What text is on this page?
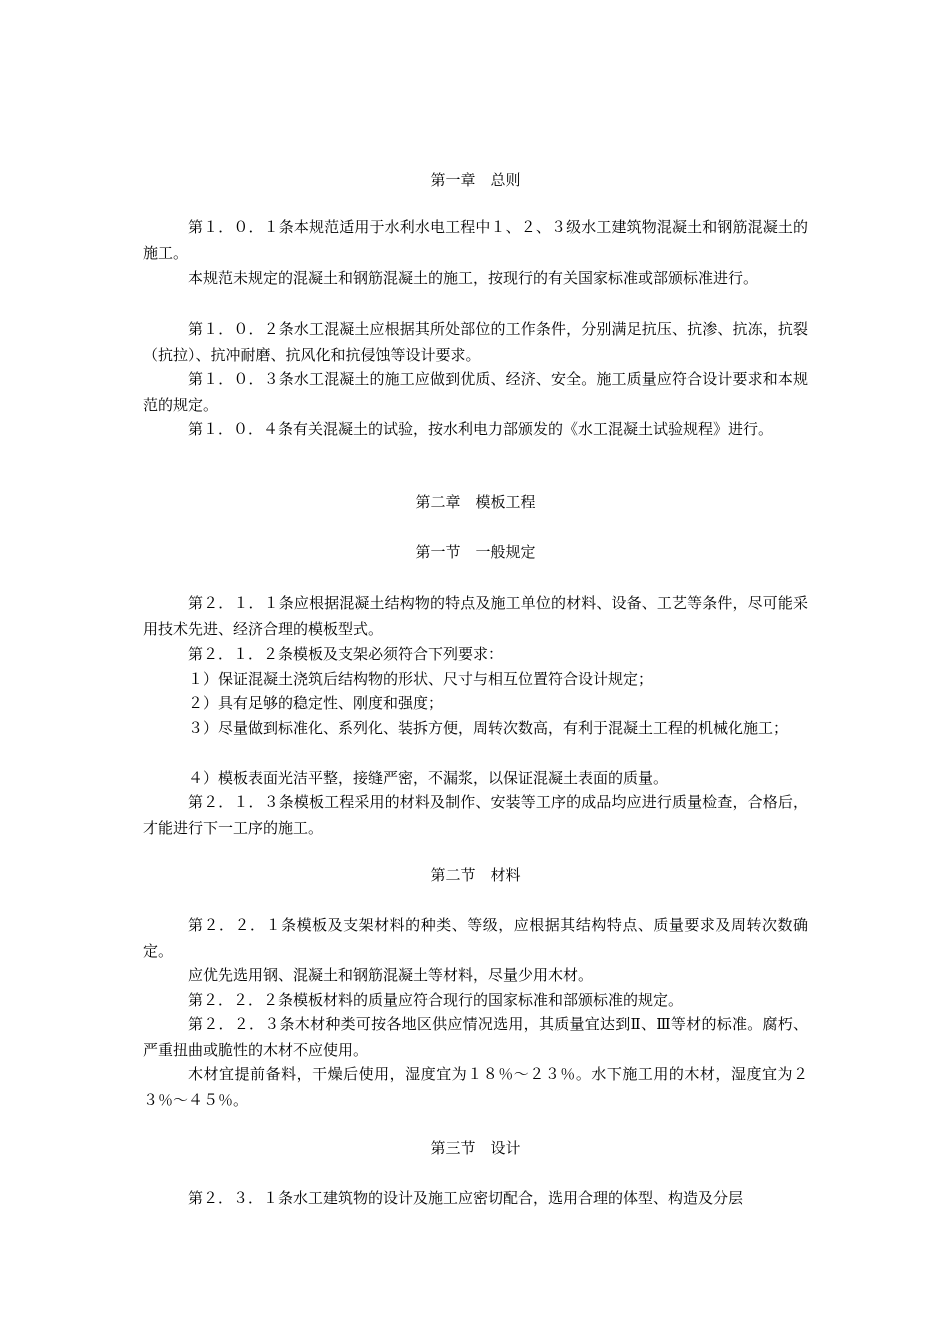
第一章　总则

第１．０．１条本规范适用于水利水电工程中１、２、３级水工建筑物混凝土和钢筋混凝土的施工。

本规范未规定的混凝土和钢筋混凝土的施工，按现行的有关国家标准或部颁标准进行。

第１．０．２条水工混凝土应根据其所处部位的工作条件，分别满足抗压、抗渗、抗冻，抗裂（抗拉）、抗冲耐磨、抗风化和抗侵蚀等设计要求。

第１．０．３条水工混凝土的施工应做到优质、经济、安全。施工质量应符合设计要求和本规范的规定。

第１．０．４条有关混凝土的试验，按水利电力部颁发的《水工混凝土试验规程》进行。

第二章　模板工程
第一节　一般规定

第２．１．１条应根据混凝土结构物的特点及施工单位的材料、设备、工艺等条件，尽可能采用技术先进、经济合理的模板型式。

第２．１．２条模板及支架必须符合下列要求：

１）保证混凝土浇筑后结构物的形状、尺寸与相互位置符合设计规定；

２）具有足够的稳定性、刚度和强度；

３）尽量做到标准化、系列化、装拆方便，周转次数高，有利于混凝土工程的机械化施工；

４）模板表面光洁平整，接缝严密，不漏浆，以保证混凝土表面的质量。

第２．１．３条模板工程采用的材料及制作、安装等工序的成品均应进行质量检查，合格后，才能进行下一工序的施工。

第二节　材料

第２．２．１条模板及支架材料的种类、等级，应根据其结构特点、质量要求及周转次数确定。

应优先选用钢、混凝土和钢筋混凝土等材料，尽量少用木材。

第２．２．２条模板材料的质量应符合现行的国家标准和部颁标准的规定。

第２．２．３条木材种类可按各地区供应情况选用，其质量宜达到Ⅱ、Ⅲ等材的标准。腐朽、严重扭曲或脆性的木材不应使用。

木材宜提前备料，干燥后使用，湿度宜为１８％～２３％。水下施工用的木材，湿度宜为２３％～４５％。

第三节　设计

第２．３．１条水工建筑物的设计及施工应密切配合，选用合理的体型、构造及分层
